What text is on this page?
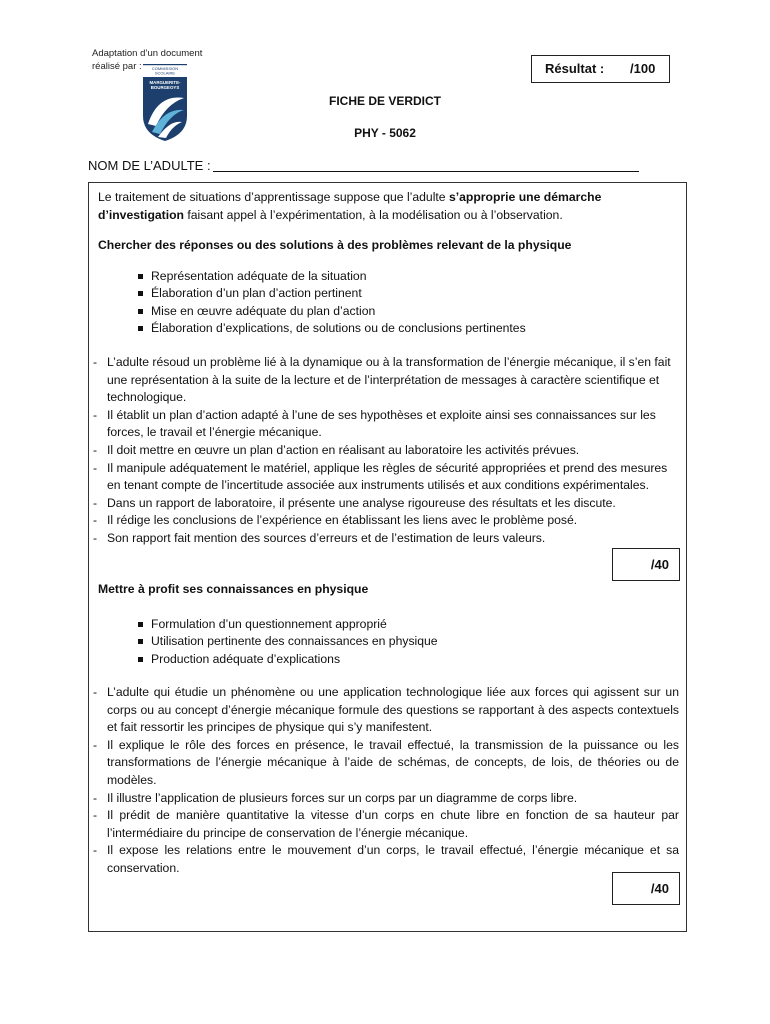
Adaptation d’un document
réalisé par :	COMMISSION
SCOLAIRE
MARGUERITE-
BOURGEOYS
Résultat : /100
FICHE DE VERDICT
PHY - 5062
NOM DE L’ADULTE :
Le traitement de situations d’apprentissage suppose que l’adulte s’approprie une démarche d’investigation faisant appel à l’expérimentation, à la modélisation ou à l’observation.
Chercher des réponses ou des solutions à des problèmes relevant de la physique
Représentation adéquate de la situation
Élaboration d’un plan d’action pertinent
Mise en œuvre adéquate du plan d’action
Élaboration d’explications, de solutions ou de conclusions pertinentes
- L’adulte résoud un problème lié à la dynamique ou à la transformation de l’énergie mécanique, il s’en fait une représentation à la suite de la lecture et de l’interprétation de messages à caractère scientifique et technologique.
- Il établit un plan d’action adapté à l’une de ses hypothèses et exploite ainsi ses connaissances sur les forces, le travail et l’énergie mécanique.
- Il doit mettre en œuvre un plan d’action en réalisant au laboratoire les activités prévues.
- Il manipule adéquatement le matériel, applique les règles de sécurité appropriées et prend des mesures en tenant compte de l’incertitude associée aux instruments utilisés et aux conditions expérimentales.
- Dans un rapport de laboratoire, il présente une analyse rigoureuse des résultats et les discute.
- Il rédige les conclusions de l’expérience en établissant les liens avec le problème posé.
- Son rapport fait mention des sources d’erreurs et de l’estimation de leurs valeurs.
/40
Mettre à profit ses connaissances en physique
Formulation d’un questionnement approprié
Utilisation pertinente des connaissances en physique
Production adéquate d’explications
- L’adulte qui étudie un phénomène ou une application technologique liée aux forces qui agissent sur un corps ou au concept d’énergie mécanique formule des questions se rapportant à des aspects contextuels et fait ressortir les principes de physique qui s’y manifestent.
- Il explique le rôle des forces en présence, le travail effectué, la transmission de la puissance ou les transformations de l’énergie mécanique à l’aide de schémas, de concepts, de lois, de théories ou de modèles.
- Il illustre l’application de plusieurs forces sur un corps par un diagramme de corps libre.
- Il prédit de manière quantitative la vitesse d’un corps en chute libre en fonction de sa hauteur par l’intermédiaire du principe de conservation de l’énergie mécanique.
- Il expose les relations entre le mouvement d’un corps, le travail effectué, l’énergie mécanique et sa conservation.
/40
